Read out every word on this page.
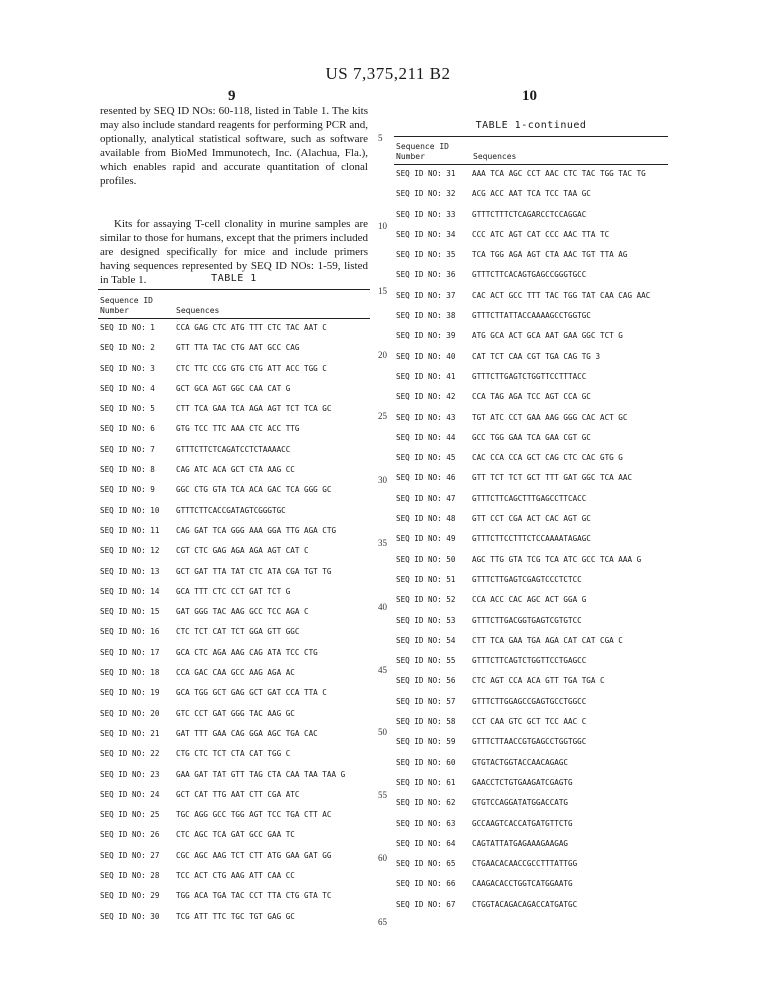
US 7,375,211 B2
9	10

resented by SEQ ID NOs: 60-118, listed in Table 1. The kits may also include standard reagents for performing PCR and, optionally, analytical statistical software, such as software available from BioMed Immunotech, Inc. (Alachua, Fla.), which enables rapid and accurate quantitation of clonal profiles.

Kits for assaying T-cell clonality in murine samples are similar to those for humans, except that the primers included are designed specifically for mice and include primers having sequences represented by SEQ ID NOs: 1-59, listed in Table 1.	TABLE 1
Sequence ID Number	Sequences
SEQ ID NO: 1	CCA GAG CTC ATG TTT CTC TAC AAT C
SEQ ID NO: 2	GTT TTA TAC CTG AAT GCC CAG
SEQ ID NO: 3	CTC TTC CCG GTG CTG ATT ACC TGG C
SEQ ID NO: 4	GCT GCA AGT GGC CAA CAT G
SEQ ID NO: 5	CTT TCA GAA TCA AGA AGT TCT TCA GC
SEQ ID NO: 6	GTG TCC TTC AAA CTC ACC TTG
SEQ ID NO: 7	GTTTCTTCTCAGATCCTCTAAAACC
SEQ ID NO: 8	CAG ATC ACA GCT CTA AAG CC
SEQ ID NO: 9	GGC CTG GTA TCA ACA GAC TCA GGG GC
SEQ ID NO: 10	GTTTCTTCACCGATAGTCGGGTGC
SEQ ID NO: 11	CAG GAT TCA GGG AAA GGA TTG AGA CTG
SEQ ID NO: 12	CGT CTC GAG AGA AGA AGT CAT C
SEQ ID NO: 13	GCT GAT TTA TAT CTC ATA CGA TGT TG
SEQ ID NO: 14	GCA TTT CTC CCT GAT TCT G
SEQ ID NO: 15	GAT GGG TAC AAG GCC TCC AGA C
SEQ ID NO: 16	CTC TCT CAT TCT GGA GTT GGC
SEQ ID NO: 17	GCA CTC AGA AAG CAG ATA TCC CTG
SEQ ID NO: 18	CCA GAC CAA GCC AAG AGA AC
SEQ ID NO: 19	GCA TGG GCT GAG GCT GAT CCA TTA C
SEQ ID NO: 20	GTC CCT GAT GGG TAC AAG GC
SEQ ID NO: 21	GAT TTT GAA CAG GGA AGC TGA CAC
SEQ ID NO: 22	CTG CTC TCT CTA CAT TGG C
SEQ ID NO: 23	GAA GAT TAT GTT TAG CTA CAA TAA TAA G
SEQ ID NO: 24	GCT CAT TTG AAT CTT CGA ATC
SEQ ID NO: 25	TGC AGG GCC TGG AGT TCC TGA CTT AC
SEQ ID NO: 26	CTC AGC TCA GAT GCC GAA TC
SEQ ID NO: 27	CGC AGC AAG TCT CTT ATG GAA GAT GG
SEQ ID NO: 28	TCC ACT CTG AAG ATT CAA CC
SEQ ID NO: 29	TGG ACA TGA TAC CCT TTA CTG GTA TC
SEQ ID NO: 30	TCG ATT TTC TGC TGT GAG GC
5
10
15
20
25
30
35
40
45
50
55
60
65
TABLE 1-continued
Sequence ID Number	Sequences
SEQ ID NO: 31	AAA TCA AGC CCT AAC CTC TAC TGG TAC TG
SEQ ID NO: 32	ACG ACC AAT TCA TCC TAA GC
SEQ ID NO: 33	GTTTCTTTCTCAGARCCTCCAGGAC
SEQ ID NO: 34	CCC ATC AGT CAT CCC AAC TTA TC
SEQ ID NO: 35	TCA TGG AGA AGT CTA AAC TGT TTA AG
SEQ ID NO: 36	GTTTCTTCACAGTGAGCCGGGTGCC
SEQ ID NO: 37	CAC ACT GCC TTT TAC TGG TAT CAA CAG AAC
SEQ ID NO: 38	GTTTCTTATTACCAAAAGCCTGGTGC
SEQ ID NO: 39	ATG GCA ACT GCA AAT GAA GGC TCT G
SEQ ID NO: 40	CAT TCT CAA CGT TGA CAG TG 3
SEQ ID NO: 41	GTTTCTTGAGTCTGGTTCCTTTACC
SEQ ID NO: 42	CCA TAG AGA TCC AGT CCA GC
SEQ ID NO: 43	TGT ATC CCT GAA AAG GGG CAC ACT GC
SEQ ID NO: 44	GCC TGG GAA TCA GAA CGT GC
SEQ ID NO: 45	CAC CCA CCA GCT CAG CTC CAC GTG G
SEQ ID NO: 46	GTT TCT TCT GCT TTT GAT GGC TCA AAC
SEQ ID NO: 47	GTTTCTTCAGCTTTGAGCCTTCACC
SEQ ID NO: 48	GTT CCT CGA ACT CAC AGT GC
SEQ ID NO: 49	GTTTCTTCCTTTCTCCAAAATAGAGC
SEQ ID NO: 50	AGC TTG GTA TCG TCA ATC GCC TCA AAA G
SEQ ID NO: 51	GTTTCTTGAGTCGAGTCCCTCTCC
SEQ ID NO: 52	CCA ACC CAC AGC ACT GGA G
SEQ ID NO: 53	GTTTCTTGACGGTGAGTCGTGTCC
SEQ ID NO: 54	CTT TCA GAA TGA AGA CAT CAT CGA C
SEQ ID NO: 55	GTTTCTTCAGTCTGGTTCCTGAGCC
SEQ ID NO: 56	CTC AGT CCA ACA GTT TGA TGA C
SEQ ID NO: 57	GTTTCTTGGAGCCGAGTGCCTGGCC
SEQ ID NO: 58	CCT CAA GTC GCT TCC AAC C
SEQ ID NO: 59	GTTTCTTAACCGTGAGCCTGGTGGC
SEQ ID NO: 60	GTGTACTGGTACCAACAGAGC
SEQ ID NO: 61	GAACCTCTGTGAAGATCGAGTG
SEQ ID NO: 62	GTGTCCAGGATATGGACCATG
SEQ ID NO: 63	GCCAAGTCACCATGATGTTCTG
SEQ ID NO: 64	CAGTATTATGAGAAAGAAGAG
SEQ ID NO: 65	CTGAACACAACCGCCTTTATTGG
SEQ ID NO: 66	CAAGACACCTGGTCATGGAATG
SEQ ID NO: 67	CTGGTACAGACAGACCATGATGC
